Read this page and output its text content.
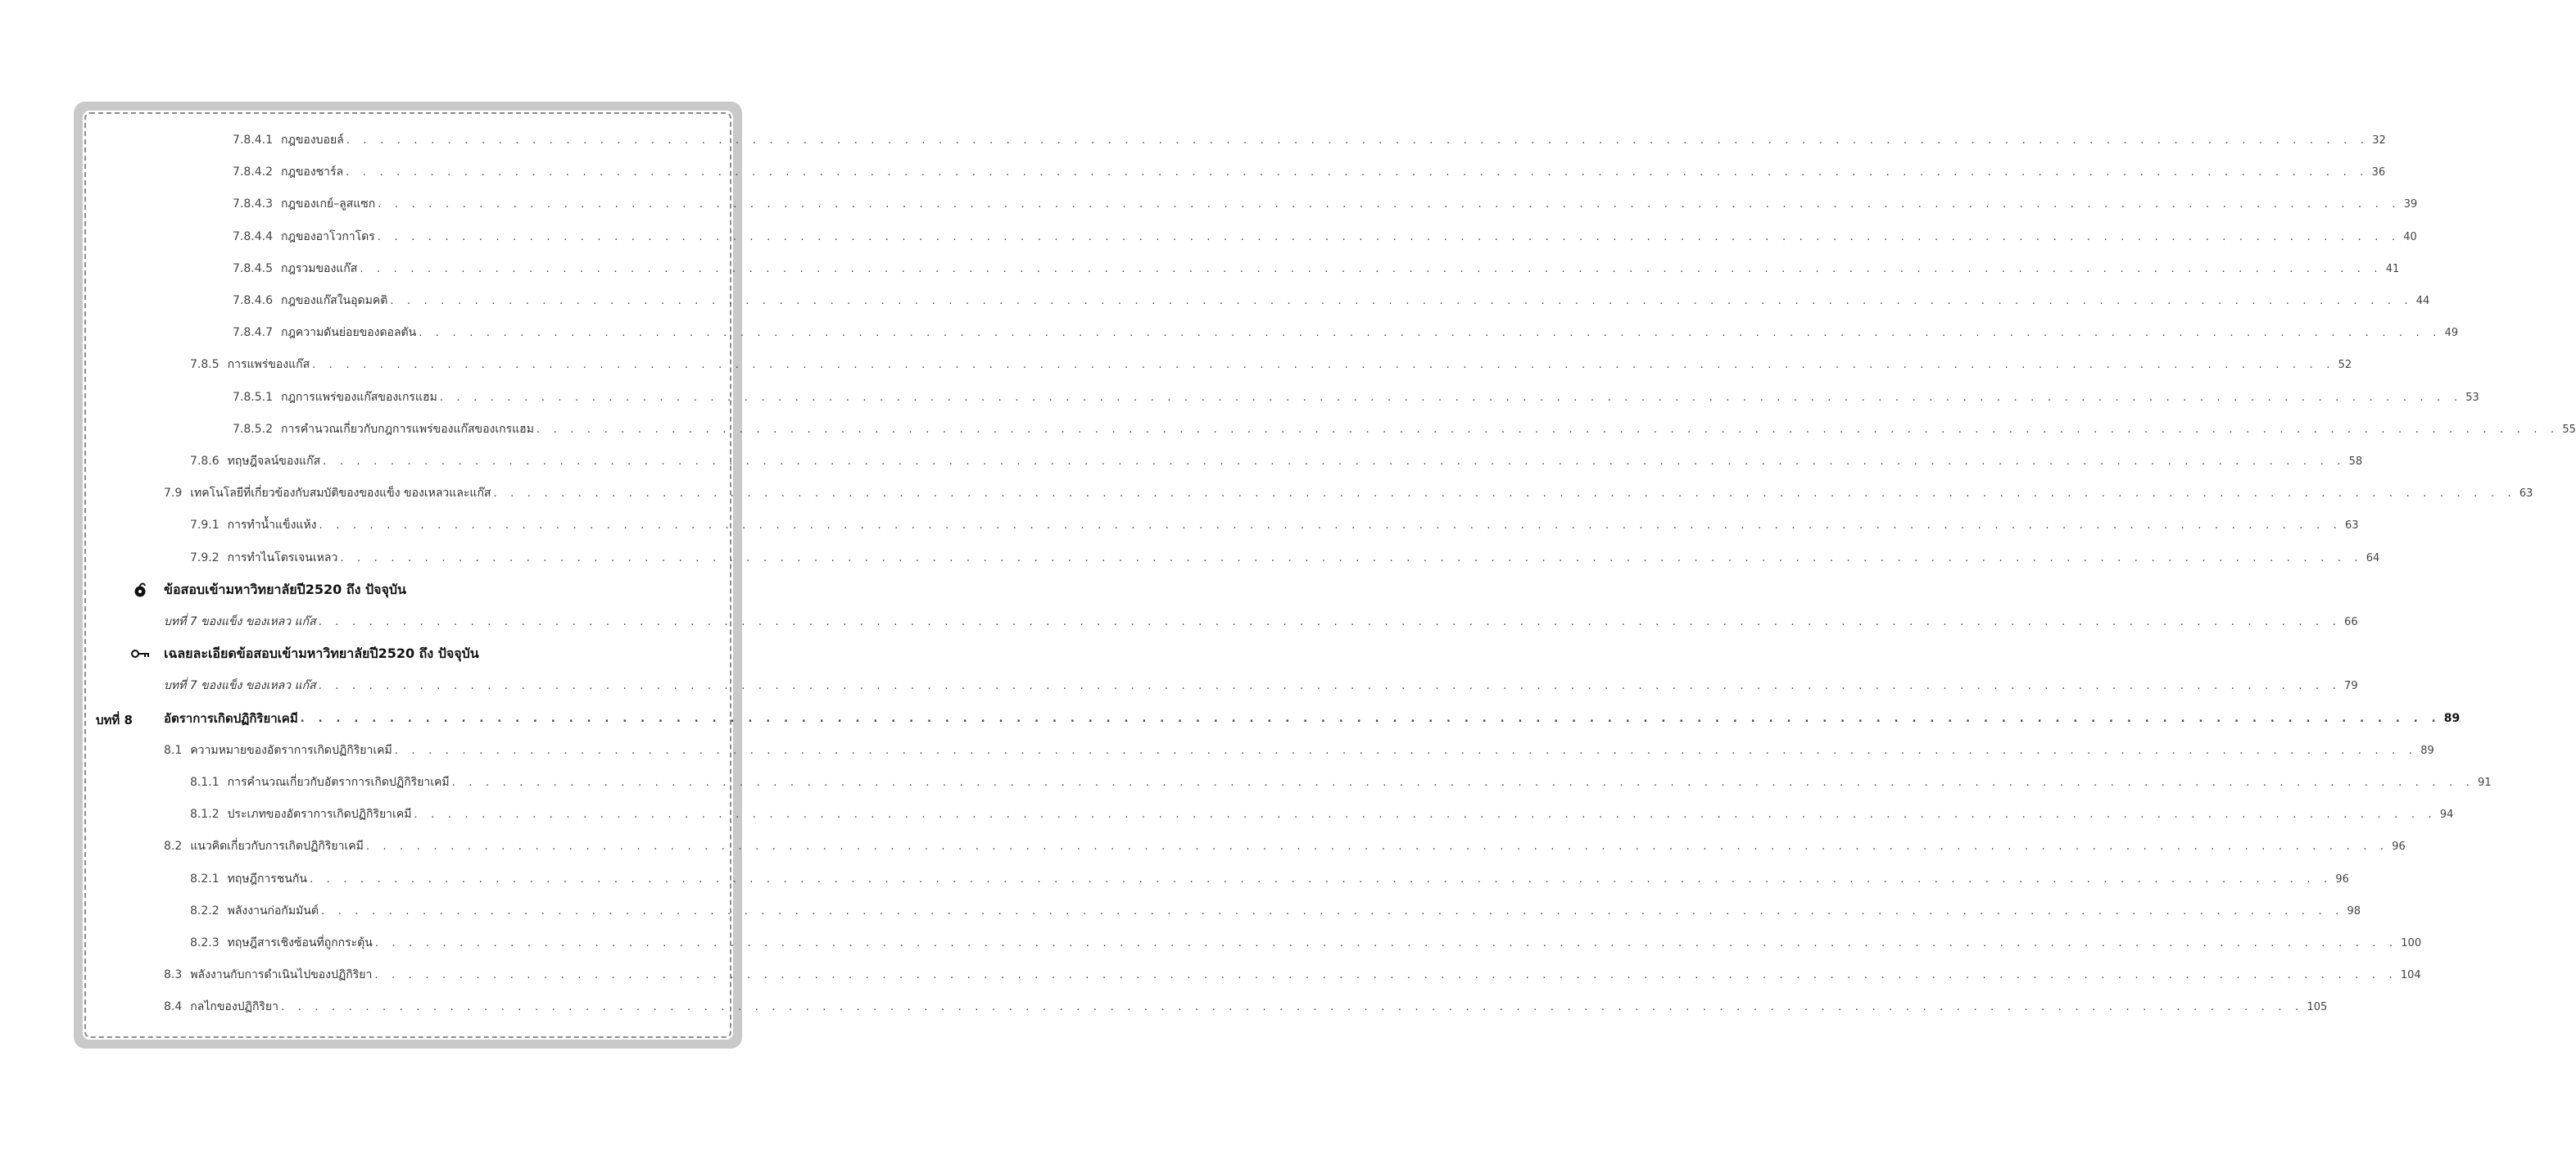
7.8.4.1 กฎของบอยล์ . . . . . . . . . . . . . . . . . . . . . . . . . . . . . . . . . . . . . . . . . . . . . . . . . . . . . . . . . . . . . . . . . . . . . . . . . . . . . . . . . . . . . . . . . . . . . . . . . . . . . . . . . . . . . . . . . . . . . . . . 32
7.8.4.2 กฎของชาร์ล . . . . . . . . . . . . . . . . . . . . . . . . . . . . . . . . . . . . . . . . . . . . . . . . . . . . . . . . . . . . . . . . . . . . . . . . . . . . . . . . . . . . . . . . . . . . . . . . . . . . . . . . . . . . . . . . . . . . . . . . 36
7.8.4.3 กฎของเกย์–ลูสแซก . . . . . . . . . . . . . . . . . . . . . . . . . . . . . . . . . . . . . . . . . . . . . . . . . . . . . . . . . . . . . . . . . . . . . . . . . . . . . . . . . . . . . . . . . . . . . . . . . . . . . . . . . . . . . . . . . . . . . . . . 39
7.8.4.4 กฎของอาโวกาโดร . . . . . . . . . . . . . . . . . . . . . . . . . . . . . . . . . . . . . . . . . . . . . . . . . . . . . . . . . . . . . . . . . . . . . . . . . . . . . . . . . . . . . . . . . . . . . . . . . . . . . . . . . . . . . . . . . . . . . . . . 40
7.8.4.5 กฎรวมของแก๊ส . . . . . . . . . . . . . . . . . . . . . . . . . . . . . . . . . . . . . . . . . . . . . . . . . . . . . . . . . . . . . . . . . . . . . . . . . . . . . . . . . . . . . . . . . . . . . . . . . . . . . . . . . . . . . . . . . . . . . . . . 41
7.8.4.6 กฎของแก๊สในอุดมคติ . . . . . . . . . . . . . . . . . . . . . . . . . . . . . . . . . . . . . . . . . . . . . . . . . . . . . . . . . . . . . . . . . . . . . . . . . . . . . . . . . . . . . . . . . . . . . . . . . . . . . . . . . . . . . . . . . . . . . . . . 44
7.8.4.7 กฎความดันย่อยของดอลตัน . . . . . . . . . . . . . . . . . . . . . . . . . . . . . . . . . . . . . . . . . . . . . . . . . . . . . . . . . . . . . . . . . . . . . . . . . . . . . . . . . . . . . . . . . . . . . . . . . . . . . . . . . . . . . . . . . . . . . . . . 49
7.8.5 การแพร่ของแก๊ส . . . . . . . . . . . . . . . . . . . . . . . . . . . . . . . . . . . . . . . . . . . . . . . . . . . . . . . . . . . . . . . . . . . . . . . . . . . . . . . . . . . . . . . . . . . . . . . . . . . . . . . . . . . . . . . . . . . . . . . . 52
7.8.5.1 กฎการแพร่ของแก๊สของเกรแฮม . . . . . . . . . . . . . . . . . . . . . . . . . . . . . . . . . . . . . . . . . . . . . . . . . . . . . . . . . . . . . . . . . . . . . . . . . . . . . . . . . . . . . . . . . . . . . . . . . . . . . . . . . . . . . . . . . . . . . . . . 53
7.8.5.2 การคำนวณเกี่ยวกับกฎการแพร่ของแก๊สของเกรแฮม . . . . . . . . . . . . . . . . . . . . . . . . . . . . . . . . . . . . . . . . . . . . . . . . . . . . . . . . . . . . . . . . . . . . . . . . . . . . . . . . . . . . . . . . . . . . . . . . . . . . . . . . . . . . . . . . . . . . . . . . 55
7.8.6 ทฤษฎีจลน์ของแก๊ส . . . . . . . . . . . . . . . . . . . . . . . . . . . . . . . . . . . . . . . . . . . . . . . . . . . . . . . . . . . . . . . . . . . . . . . . . . . . . . . . . . . . . . . . . . . . . . . . . . . . . . . . . . . . . . . . . . . . . . . . 58
7.9 เทคโนโลยีที่เกี่ยวข้องกับสมบัติของของแข็ง ของเหลวและแก๊ส . . . . . . . . . . . . . . . . . . . . . . . . . . . . . . . . . . . . . . . . . . . . . . . . . . . . . . . . . . . . . . . . . . . . . . . . . . . . . . . . . . . . . . . . . . . . . . . . . . . . . . . . . . . . . . . . . . . . . . . . 63
7.9.1 การทำน้ำแข็งแห้ง . . . . . . . . . . . . . . . . . . . . . . . . . . . . . . . . . . . . . . . . . . . . . . . . . . . . . . . . . . . . . . . . . . . . . . . . . . . . . . . . . . . . . . . . . . . . . . . . . . . . . . . . . . . . . . . . . . . . . . . . 63
7.9.2 การทำไนโตรเจนเหลว . . . . . . . . . . . . . . . . . . . . . . . . . . . . . . . . . . . . . . . . . . . . . . . . . . . . . . . . . . . . . . . . . . . . . . . . . . . . . . . . . . . . . . . . . . . . . . . . . . . . . . . . . . . . . . . . . . . . . . . . 64
ข้อสอบเข้ามหาวิทยาลัยปี2520 ถึง ปัจจุบัน
บทที่ 7 ของแข็ง ของเหลว แก๊ส . . . . . . . . . . . . . . . . . . . . . . . . . . . . . . . . . . . . . . . . . . . . . . . . . . . . . . . . . . . . . . . . . . . . . . . . . . . . . . . . . . . . . . . . . . . . . . . . . . . . . . . . . . . . . . . . . . . . . . . . 66
เฉลยละเอียดข้อสอบเข้ามหาวิทยาลัยปี2520 ถึง ปัจจุบัน
บทที่ 7 ของแข็ง ของเหลว แก๊ส . . . . . . . . . . . . . . . . . . . . . . . . . . . . . . . . . . . . . . . . . . . . . . . . . . . . . . . . . . . . . . . . . . . . . . . . . . . . . . . . . . . . . . . . . . . . . . . . . . . . . . . . . . . . . . . . . . . . . . . . 79
บทที่ 8	อัตราการเกิดปฏิกิริยาเคมี . . . . . . . . . . . . . . . . . . . . . . . . . . . . . . . . . . . . . . . . . . . . . . . . . . . . . . . . . . . . . . . . . . . . . . . . . . . . . . . . . . . . . . . . . . . . . . . . . . . . . . . . . . . . . . . . . . . . . . . . 89
8.1 ความหมายของอัตราการเกิดปฏิกิริยาเคมี . . . . . . . . . . . . . . . . . . . . . . . . . . . . . . . . . . . . . . . . . . . . . . . . . . . . . . . . . . . . . . . . . . . . . . . . . . . . . . . . . . . . . . . . . . . . . . . . . . . . . . . . . . . . . . . . . . . . . . . . 89
8.1.1 การคำนวณเกี่ยวกับอัตราการเกิดปฏิกิริยาเคมี . . . . . . . . . . . . . . . . . . . . . . . . . . . . . . . . . . . . . . . . . . . . . . . . . . . . . . . . . . . . . . . . . . . . . . . . . . . . . . . . . . . . . . . . . . . . . . . . . . . . . . . . . . . . . . . . . . . . . . . . 91
8.1.2 ประเภทของอัตราการเกิดปฏิกิริยาเคมี . . . . . . . . . . . . . . . . . . . . . . . . . . . . . . . . . . . . . . . . . . . . . . . . . . . . . . . . . . . . . . . . . . . . . . . . . . . . . . . . . . . . . . . . . . . . . . . . . . . . . . . . . . . . . . . . . . . . . . . . 94
8.2 แนวคิดเกี่ยวกับการเกิดปฏิกิริยาเคมี . . . . . . . . . . . . . . . . . . . . . . . . . . . . . . . . . . . . . . . . . . . . . . . . . . . . . . . . . . . . . . . . . . . . . . . . . . . . . . . . . . . . . . . . . . . . . . . . . . . . . . . . . . . . . . . . . . . . . . . . 96
8.2.1 ทฤษฎีการชนกัน . . . . . . . . . . . . . . . . . . . . . . . . . . . . . . . . . . . . . . . . . . . . . . . . . . . . . . . . . . . . . . . . . . . . . . . . . . . . . . . . . . . . . . . . . . . . . . . . . . . . . . . . . . . . . . . . . . . . . . . . 96
8.2.2 พลังงานก่อกัมมันต์ . . . . . . . . . . . . . . . . . . . . . . . . . . . . . . . . . . . . . . . . . . . . . . . . . . . . . . . . . . . . . . . . . . . . . . . . . . . . . . . . . . . . . . . . . . . . . . . . . . . . . . . . . . . . . . . . . . . . . . . . 98
8.2.3 ทฤษฎีสารเชิงซ้อนที่ถูกกระตุ้น . . . . . . . . . . . . . . . . . . . . . . . . . . . . . . . . . . . . . . . . . . . . . . . . . . . . . . . . . . . . . . . . . . . . . . . . . . . . . . . . . . . . . . . . . . . . . . . . . . . . . . . . . . . . . . . . . . . . . . . . 100
8.3 พลังงานกับการดำเนินไปของปฏิกิริยา . . . . . . . . . . . . . . . . . . . . . . . . . . . . . . . . . . . . . . . . . . . . . . . . . . . . . . . . . . . . . . . . . . . . . . . . . . . . . . . . . . . . . . . . . . . . . . . . . . . . . . . . . . . . . . . . . . . . . . . . 104
8.4 กลไกของปฏิกิริยา . . . . . . . . . . . . . . . . . . . . . . . . . . . . . . . . . . . . . . . . . . . . . . . . . . . . . . . . . . . . . . . . . . . . . . . . . . . . . . . . . . . . . . . . . . . . . . . . . . . . . . . . . . . . . . . . . . . . . . . . 105
